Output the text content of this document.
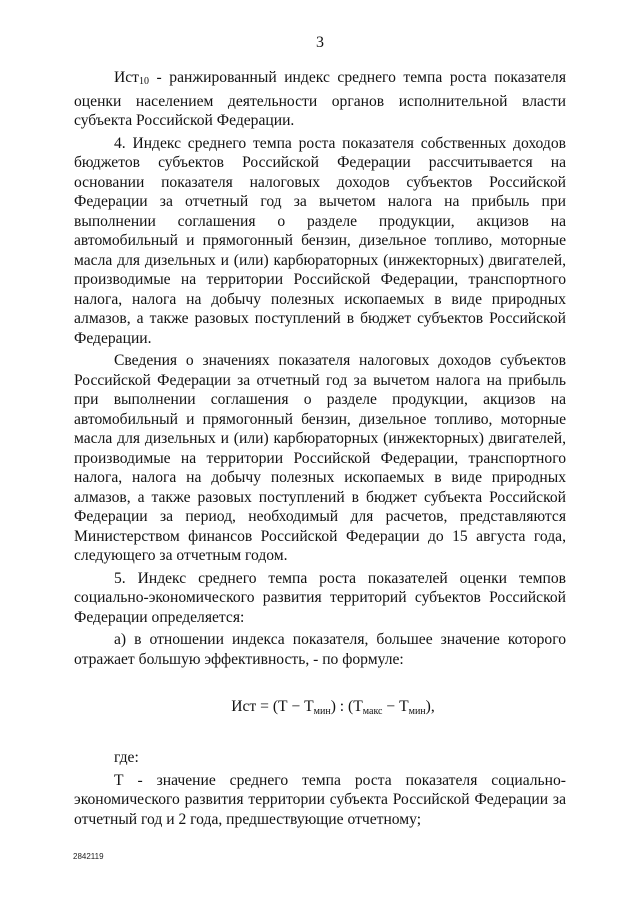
3

Ист$_{10}$ - ранжированный индекс среднего темпа роста показателя оценки населением деятельности органов исполнительной власти субъекта Российской Федерации.

4. Индекс среднего темпа роста показателя собственных доходов бюджетов субъектов Российской Федерации рассчитывается на основании показателя налоговых доходов субъектов Российской Федерации за отчетный год за вычетом налога на прибыль при выполнении соглашения о разделе продукции, акцизов на автомобильный и прямогонный бензин, дизельное топливо, моторные масла для дизельных и (или) карбюраторных (инжекторных) двигателей, производимые на территории Российской Федерации, транспортного налога, налога на добычу полезных ископаемых в виде природных алмазов, а также разовых поступлений в бюджет субъектов Российской Федерации.

Сведения о значениях показателя налоговых доходов субъектов Российской Федерации за отчетный год за вычетом налога на прибыль при выполнении соглашения о разделе продукции, акцизов на автомобильный и прямогонный бензин, дизельное топливо, моторные масла для дизельных и (или) карбюраторных (инжекторных) двигателей, производимые на территории Российской Федерации, транспортного налога, налога на добычу полезных ископаемых в виде природных алмазов, а также разовых поступлений в бюджет субъекта Российской Федерации за период, необходимый для расчетов, представляются Министерством финансов Российской Федерации до 15 августа года, следующего за отчетным годом.

5. Индекс среднего темпа роста показателей оценки темпов социально-экономического развития территорий субъектов Российской Федерации определяется:

а) в отношении индекса показателя, большее значение которого отражает большую эффективность, - по формуле:

Ист = $(Т - Т_{мин})$ : $(Т_{макс} - Т_{мин})$,

где:

Т - значение среднего темпа роста показателя социально-экономического развития территории субъекта Российской Федерации за отчетный год и 2 года, предшествующие отчетному;

2842119
